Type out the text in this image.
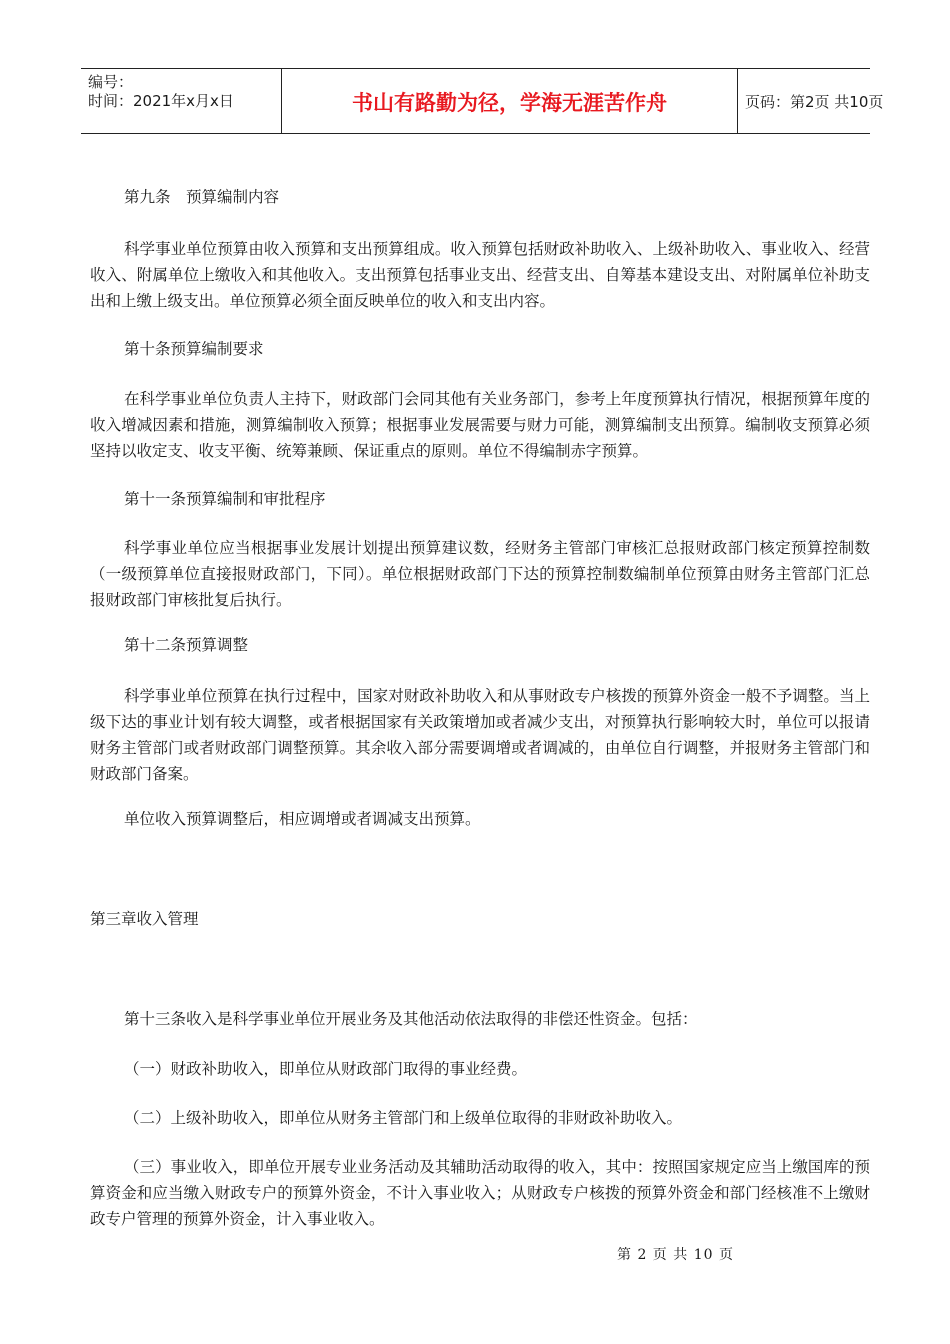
编号：
时间：2021年x月x日	书山有路勤为径，学海无涯苦作舟	页码：第2页 共10页

第九条　预算编制内容

科学事业单位预算由收入预算和支出预算组成。收入预算包括财政补助收入、上级补助收入、事业收入、经营收入、附属单位上缴收入和其他收入。支出预算包括事业支出、经营支出、自筹基本建设支出、对附属单位补助支出和上缴上级支出。单位预算必须全面反映单位的收入和支出内容。

第十条预算编制要求

在科学事业单位负责人主持下，财政部门会同其他有关业务部门，参考上年度预算执行情况，根据预算年度的收入增减因素和措施，测算编制收入预算；根据事业发展需要与财力可能，测算编制支出预算。编制收支预算必须坚持以收定支、收支平衡、统筹兼顾、保证重点的原则。单位不得编制赤字预算。

第十一条预算编制和审批程序

科学事业单位应当根据事业发展计划提出预算建议数，经财务主管部门审核汇总报财政部门核定预算控制数（一级预算单位直接报财政部门，下同）。单位根据财政部门下达的预算控制数编制单位预算由财务主管部门汇总报财政部门审核批复后执行。

第十二条预算调整

科学事业单位预算在执行过程中，国家对财政补助收入和从事财政专户核拨的预算外资金一般不予调整。当上级下达的事业计划有较大调整，或者根据国家有关政策增加或者减少支出，对预算执行影响较大时，单位可以报请财务主管部门或者财政部门调整预算。其余收入部分需要调增或者调减的，由单位自行调整，并报财务主管部门和财政部门备案。

单位收入预算调整后，相应调增或者调减支出预算。

第三章收入管理

第十三条收入是科学事业单位开展业务及其他活动依法取得的非偿还性资金。包括：

（一）财政补助收入，即单位从财政部门取得的事业经费。

（二）上级补助收入，即单位从财务主管部门和上级单位取得的非财政补助收入。

（三）事业收入，即单位开展专业业务活动及其辅助活动取得的收入，其中：按照国家规定应当上缴国库的预算资金和应当缴入财政专户的预算外资金，不计入事业收入；从财政专户核拨的预算外资金和部门经核准不上缴财政专户管理的预算外资金，计入事业收入。

第 2 页 共 10 页
